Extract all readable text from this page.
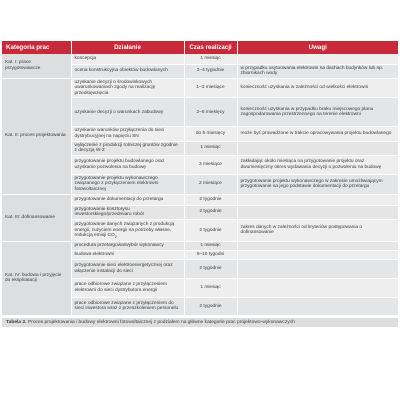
Kategoria prac	Działanie	Czas realizacji	Uwagi
Kat. I: prace przygotowawcze	koncepcja	1 miesiąc	
	ocena konstrukcyjna obiektów budowlanych	2–4 tygodnie	w przypadku usytuowania elektrowni na dachach budynków lub np. zbiornikach wody
Kat. II: proces projektowania	uzyskanie decyzji o środowiskowych uwarunkowaniach zgody na realizację przedsięwzięcia	1–3 miesiące	konieczność uzyskania w zależności od wielkości elektrowni
	uzyskanie decyzji o warunkach zabudowy	2–6 miesięcy	konieczność uzyskania w przypadku braku miejscowego planu zagospodarowania przestrzennego na terenie elektrowni
	uzyskanie warunków przyłączenia do sieci dystrybucyjnej na napięciu SN	do 5 miesięcy	może być prowadzone w trakcie opracowywania projektu budowlanego
	wyłączenie z produkcji rolniczej gruntów zgodnie z decyzją W-Z	1 miesiąc	
	przygotowanie projektu budowlanego oraz uzyskanie pozwolenia na budowę	3 miesiące	zakładając około miesiąca na przygotowanie projektu oraz dwumiesięczny okres wydawania decyzji o pozwoleniu na budowę
	przygotowanie projektu wykonawczego związanego z przyłączeniem elektrowni fotowoltaicznej	2 miesiące	przygotowanie projektu wykonawczego w zakresie umożliwiającym przygotowanie na jego podstawie dokumentacji do przetargu
Kat. III: dofinansowanie	przygotowanie dokumentacji do przetargu	2 tygodnie	
	przygotowanie kosztorysu inwestorskiego/przedmiaru robót	2 tygodnie	
	przygotowanie danych związanych z produkcją energii, zużyciem energii na potrzeby własne, redukcją emisji $CO_2$	2 tygodnie	zakres danych w zależności od kryteriów postępowania o dofinansowanie
Kat. IV: budowa i przyjęcie do eksploatacji	procedura przetargowa/wybór wykonawcy	1 miesiąc	
	budowa elektrowni	6–10 tygodni	
	przygotowanie sieci elektroenergetycznej oraz włączenie instalacji do sieci	2 tygodnie	
	prace odbiorowe związane z przyłączeniem elektrowni do sieci dystrybutora energii	1 miesiąc	
	prace odbiorowe związane z przyłączeniem do sieci inwestora wraz z przeszkoleniem personelu	2 tygodnie	
Tabela 2. Proces projektowania i budowy elektrowni fotowoltaicznej z podziałem na główne kategorie prac projektowo-wykonawczych
